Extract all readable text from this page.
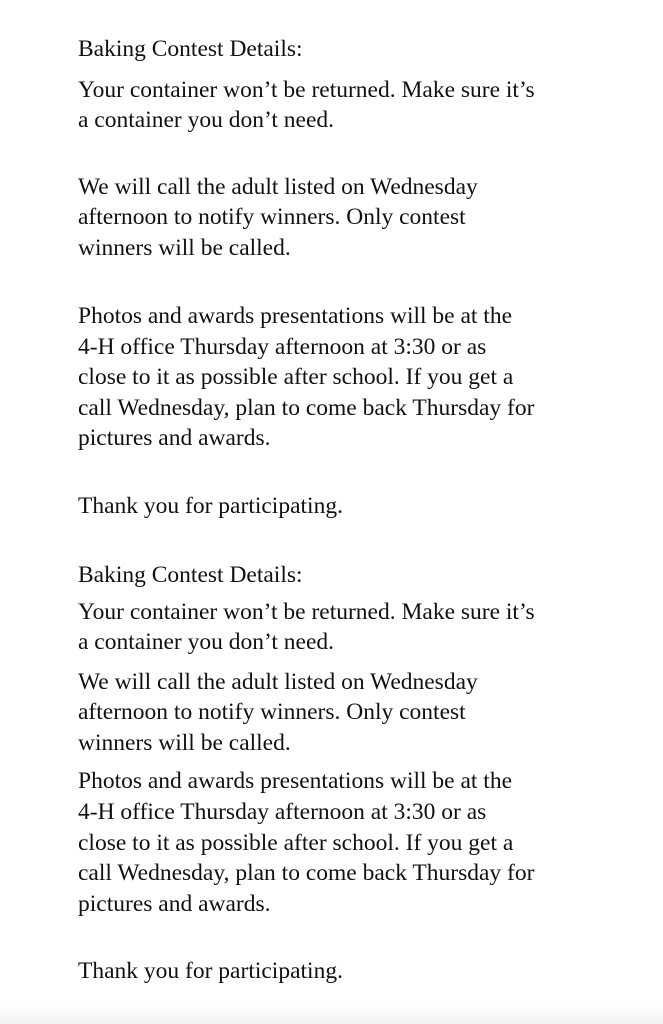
Baking Contest Details:

Your container won’t be returned. Make sure it’s

a container you don’t need.

We will call the adult listed on Wednesday

afternoon to notify winners. Only contest

winners will be called.

Photos and awards presentations will be at the

4-H office Thursday afternoon at 3:30 or as

close to it as possible after school. If you get a

call Wednesday, plan to come back Thursday for

pictures and awards.

Thank you for participating.

Baking Contest Details:

Your container won’t be returned. Make sure it’s

a container you don’t need.

We will call the adult listed on Wednesday

afternoon to notify winners. Only contest

winners will be called.

Photos and awards presentations will be at the

4-H office Thursday afternoon at 3:30 or as

close to it as possible after school. If you get a

call Wednesday, plan to come back Thursday for

pictures and awards.

Thank you for participating.
